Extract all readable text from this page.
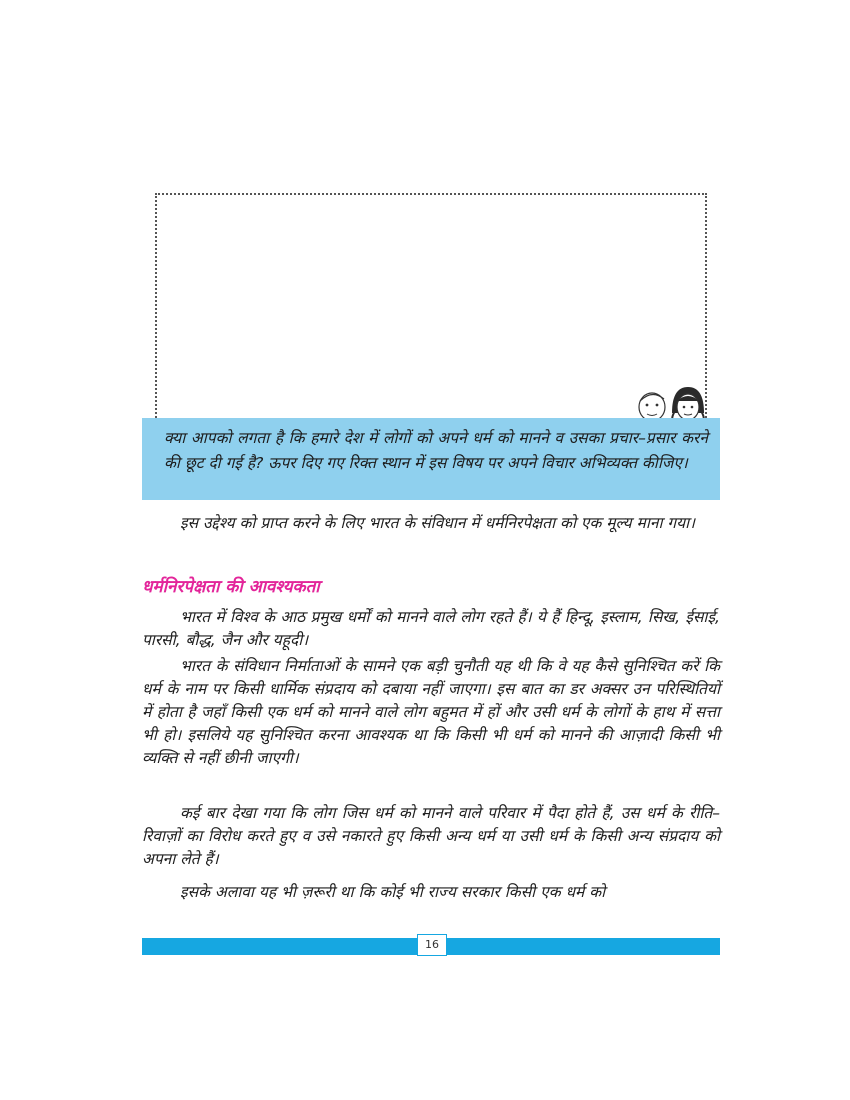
क्या आपको लगता है कि हमारे देश में लोगों को अपने धर्म को मानने व उसका प्रचार–प्रसार करने की छूट दी गई है? ऊपर दिए गए रिक्त स्थान में इस विषय पर अपने विचार अभिव्यक्त कीजिए।

इस उद्देश्य को प्राप्त करने के लिए भारत के संविधान में धर्मनिरपेक्षता को एक मूल्य माना गया।

धर्मनिरपेक्षता की आवश्यकता

भारत में विश्व के आठ प्रमुख धर्मों को मानने वाले लोग रहते हैं। ये हैं हिन्दू, इस्लाम, सिख, ईसाई, पारसी, बौद्ध, जैन और यहूदी।

भारत के संविधान निर्माताओं के सामने एक बड़ी चुनौती यह थी कि वे यह कैसे सुनिश्चित करें कि धर्म के नाम पर किसी धार्मिक संप्रदाय को दबाया नहीं जाएगा। इस बात का डर अक्सर उन परिस्थितियों में होता है जहाँ किसी एक धर्म को मानने वाले लोग बहुमत में हों और उसी धर्म के लोगों के हाथ में सत्ता भी हो। इसलिये यह सुनिश्चित करना आवश्यक था कि किसी भी धर्म को मानने की आज़ादी किसी भी व्यक्ति से नहीं छीनी जाएगी।

कई बार देखा गया कि लोग जिस धर्म को मानने वाले परिवार में पैदा होते हैं, उस धर्म के रीति–रिवाज़ों का विरोध करते हुए व उसे नकारते हुए किसी अन्य धर्म या उसी धर्म के किसी अन्य संप्रदाय को अपना लेते हैं।

इसके अलावा यह भी ज़रूरी था कि कोई भी राज्य सरकार किसी एक धर्म को

16
